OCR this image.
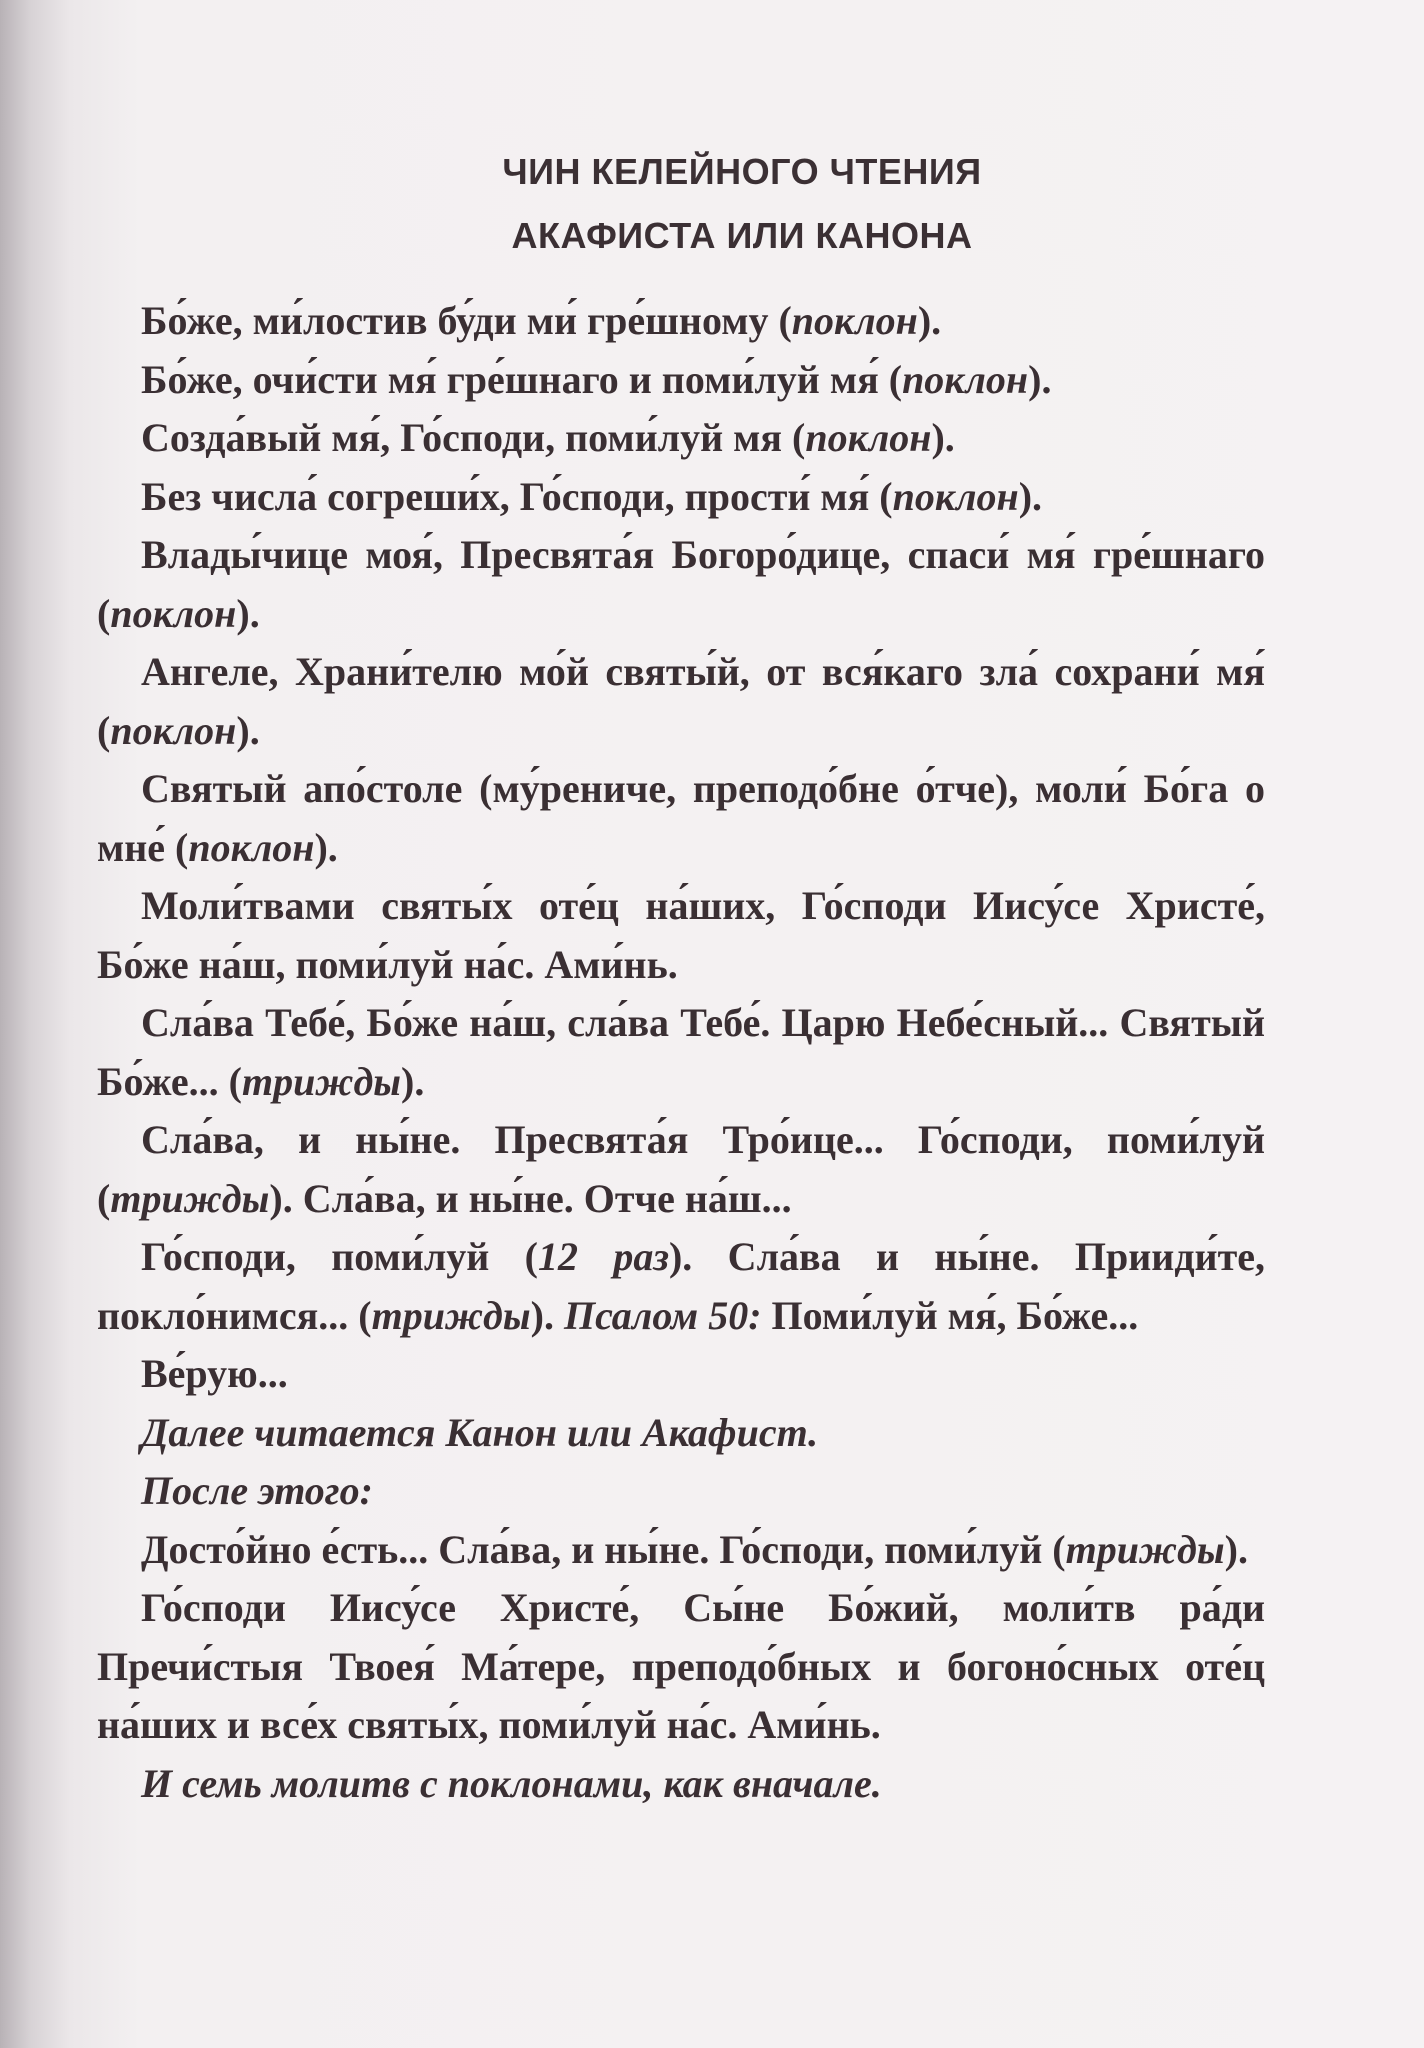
ЧИН КЕЛЕЙНОГО ЧТЕНИЯ
АКАФИСТА ИЛИ КАНОНА

Бо́же, ми́лостив бу́ди ми́ гре́шному (поклон).

Бо́же, очи́сти мя́ гре́шнаго и поми́луй мя́ (поклон).

Созда́вый мя́, Го́споди, поми́луй мя (поклон).

Без числа́ согреши́х, Го́споди, прости́ мя́ (поклон).

Влады́чице моя́, Пресвята́я Богоро́дице, спаси́ мя́ гре́шнаго (поклон).

Ангеле, Храни́телю мо́й святы́й, от вся́каго зла́ сохрани́ мя́ (поклон).

Святый апо́столе (му́рениче, преподо́бне о́тче), моли́ Бо́га о мне́ (поклон).

Моли́твами святы́х оте́ц на́ших, Го́споди Иису́се Христе́, Бо́же на́ш, поми́луй на́с. Ами́нь.

Сла́ва Тебе́, Бо́же на́ш, сла́ва Тебе́. Царю Небе́сный... Святый Бо́же... (трижды).

Сла́ва, и ны́не. Пресвята́я Тро́ице... Го́споди, поми́луй (трижды). Сла́ва, и ны́не. Отче на́ш...

Го́споди, поми́луй (12 раз). Сла́ва и ны́не. Прииди́те, покло́нимся... (трижды). Псалом 50: Поми́луй мя́, Бо́же...

Ве́рую...

Далее читается Канон или Акафист.

После этого:

Досто́йно е́сть... Сла́ва, и ны́не. Го́споди, поми́луй (трижды).

Го́споди Иису́се Христе́, Сы́не Бо́жий, моли́тв ра́ди Пречи́стыя Твоея́ Ма́тере, преподо́бных и богоно́сных оте́ц на́ших и все́х святы́х, поми́луй на́с. Ами́нь.

И семь молитв с поклонами, как вначале.
